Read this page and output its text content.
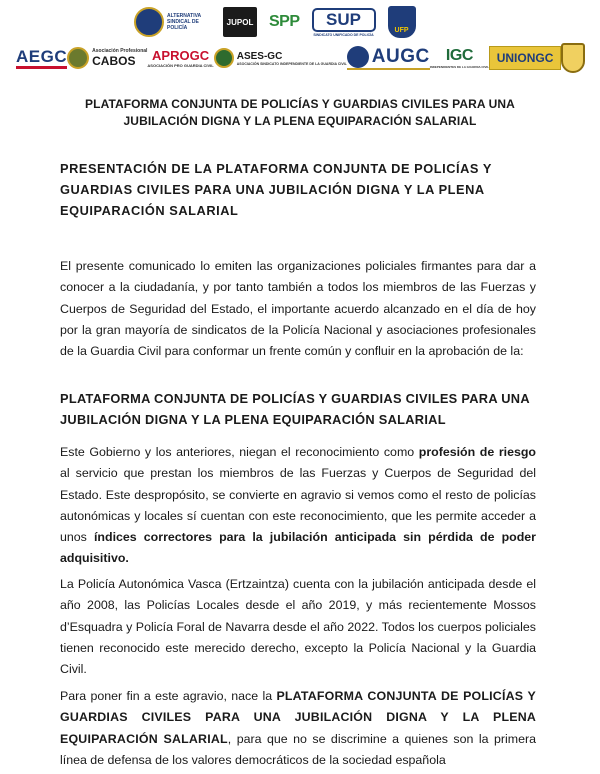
ALTERNATIVA SINDICAL DE POLICÍA
JUPOL SPP	SUP
SINDICATO UNIFICADO DE POLICÍA
UFP
AEGC	Asociación Profesional
CABOS	APROGC
ASOCIACIÓN PRO GUARDIA CIVIL
ASES-GC
ASOCIACIÓN SINDICATO INDEPENDIENTE DE LA GUARDIA CIVIL AUGC IGC
INDEPENDIENTES DE LA GUARDIA CIVIL
UNIONGC
PLATAFORMA CONJUNTA DE POLICÍAS Y GUARDIAS CIVILES PARA UNA JUBILACIÓN DIGNA Y LA PLENA EQUIPARACIÓN SALARIAL
PRESENTACIÓN DE LA PLATAFORMA CONJUNTA DE POLICÍAS Y GUARDIAS CIVILES PARA UNA JUBILACIÓN DIGNA Y LA PLENA EQUIPARACIÓN SALARIAL

El presente comunicado lo emiten las organizaciones policiales firmantes para dar a conocer a la ciudadanía, y por tanto también a todos los miembros de las Fuerzas y Cuerpos de Seguridad del Estado, el importante acuerdo alcanzado en el día de hoy por la gran mayoría de sindicatos de la Policía Nacional y asociaciones profesionales de la Guardia Civil para conformar un frente común y confluir en la aprobación de la:

PLATAFORMA CONJUNTA DE POLICÍAS Y GUARDIAS CIVILES PARA UNA JUBILACIÓN DIGNA Y LA PLENA EQUIPARACIÓN SALARIAL

Este Gobierno y los anteriores, niegan el reconocimiento como profesión de riesgo al servicio que prestan los miembros de las Fuerzas y Cuerpos de Seguridad del Estado. Este despropósito, se convierte en agravio si vemos como el resto de policías autonómicas y locales sí cuentan con este reconocimiento, que les permite acceder a unos índices correctores para la jubilación anticipada sin pérdida de poder adquisitivo.

La Policía Autonómica Vasca (Ertzaintza) cuenta con la jubilación anticipada desde el año 2008, las Policías Locales desde el año 2019, y más recientemente Mossos d’Esquadra y Policía Foral de Navarra desde el año 2022. Todos los cuerpos policiales tienen reconocido este merecido derecho, excepto la Policía Nacional y la Guardia Civil.

Para poner fin a este agravio, nace la PLATAFORMA CONJUNTA DE POLICÍAS Y GUARDIAS CIVILES PARA UNA JUBILACIÓN DIGNA Y LA PLENA EQUIPARACIÓN SALARIAL, para que no se discrimine a quienes son la primera línea de defensa de los valores democráticos de la sociedad española
